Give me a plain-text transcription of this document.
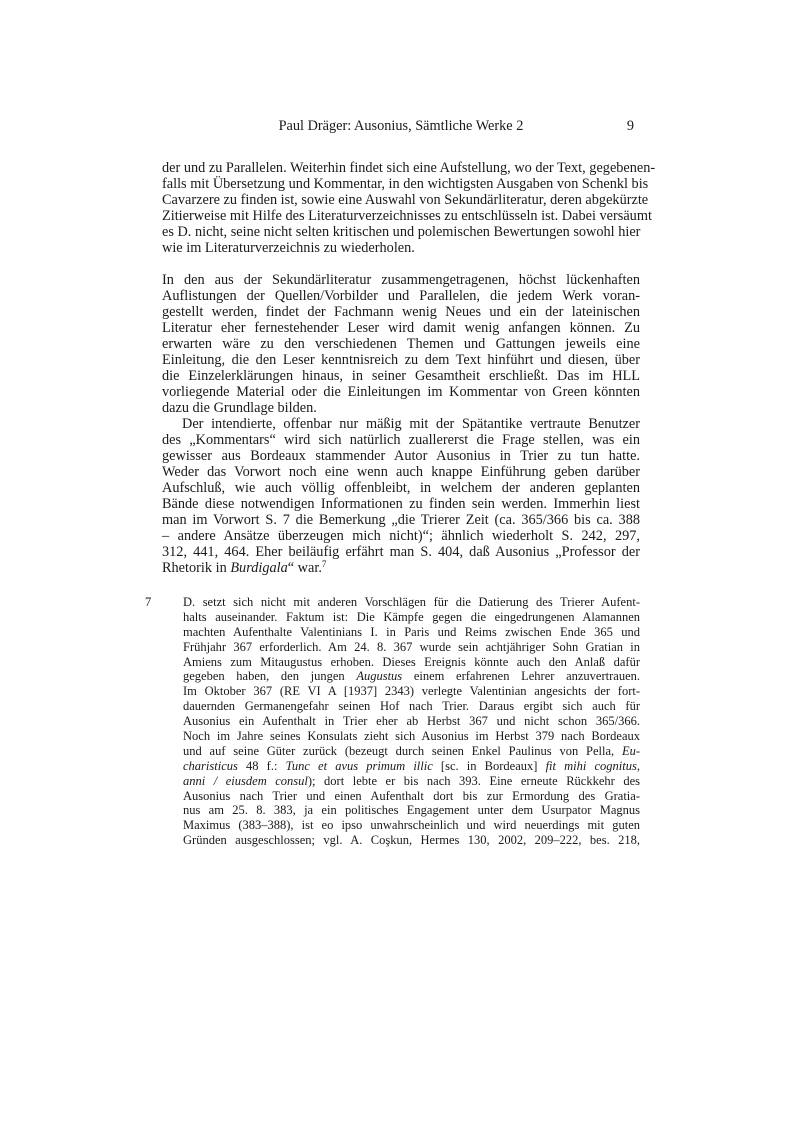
Paul Dräger: Ausonius, Sämtliche Werke 2	9
der und zu Parallelen. Weiterhin findet sich eine Aufstellung, wo der Text, gegebenen-
falls mit Übersetzung und Kommentar, in den wichtigsten Ausgaben von Schenkl bis
Cavarzere zu finden ist, sowie eine Auswahl von Sekundärliteratur, deren abgekürzte
Zitierweise mit Hilfe des Literaturverzeichnisses zu entschlüsseln ist. Dabei versäumt
es D. nicht, seine nicht selten kritischen und polemischen Bewertungen sowohl hier
wie im Literaturverzeichnis zu wiederholen.
In den aus der Sekundärliteratur zusammengetragenen, höchst lückenhaften
Auflistungen der Quellen/Vorbilder und Parallelen, die jedem Werk voran-
gestellt werden, findet der Fachmann wenig Neues und ein der lateinischen
Literatur eher fernestehender Leser wird damit wenig anfangen können. Zu
erwarten wäre zu den verschiedenen Themen und Gattungen jeweils eine
Einleitung, die den Leser kenntnisreich zu dem Text hinführt und diesen, über
die Einzelerklärungen hinaus, in seiner Gesamtheit erschließt. Das im HLL
vorliegende Material oder die Einleitungen im Kommentar von Green könnten
dazu die Grundlage bilden.
Der intendierte, offenbar nur mäßig mit der Spätantike vertraute Benutzer
des „Kommentars“ wird sich natürlich zuallererst die Frage stellen, was ein
gewisser aus Bordeaux stammender Autor Ausonius in Trier zu tun hatte.
Weder das Vorwort noch eine wenn auch knappe Einführung geben darüber
Aufschluß, wie auch völlig offenbleibt, in welchem der anderen geplanten
Bände diese notwendigen Informationen zu finden sein werden. Immerhin liest
man im Vorwort S. 7 die Bemerkung „die Trierer Zeit (ca. 365/366 bis ca. 388
– andere Ansätze überzeugen mich nicht)“; ähnlich wiederholt S. 242, 297,
312, 441, 464. Eher beiläufig erfährt man S. 404, daß Ausonius „Professor der
Rhetorik in Burdigala“ war.$^7$
7	D. setzt sich nicht mit anderen Vorschlägen für die Datierung des Trierer Aufent-
halts auseinander. Faktum ist: Die Kämpfe gegen die eingedrungenen Alamannen
machten Aufenthalte Valentinians I. in Paris und Reims zwischen Ende 365 und
Frühjahr 367 erforderlich. Am 24. 8. 367 wurde sein achtjähriger Sohn Gratian in
Amiens zum Mitaugustus erhoben. Dieses Ereignis könnte auch den Anlaß dafür
gegeben haben, den jungen Augustus einem erfahrenen Lehrer anzuvertrauen.
Im Oktober 367 (RE VI A [1937] 2343) verlegte Valentinian angesichts der fort-
dauernden Germanengefahr seinen Hof nach Trier. Daraus ergibt sich auch für
Ausonius ein Aufenthalt in Trier eher ab Herbst 367 und nicht schon 365/366.
Noch im Jahre seines Konsulats zieht sich Ausonius im Herbst 379 nach Bordeaux
und auf seine Güter zurück (bezeugt durch seinen Enkel Paulinus von Pella, Eu-
charisticus 48 f.: Tunc et avus primum illic [sc. in Bordeaux] fit mihi cognitus,
anni / eiusdem consul); dort lebte er bis nach 393. Eine erneute Rückkehr des
Ausonius nach Trier und einen Aufenthalt dort bis zur Ermordung des Gratia-
nus am 25. 8. 383, ja ein politisches Engagement unter dem Usurpator Magnus
Maximus (383–388), ist eo ipso unwahrscheinlich und wird neuerdings mit guten
Gründen ausgeschlossen; vgl. A. Coşkun, Hermes 130, 2002, 209–222, bes. 218,
